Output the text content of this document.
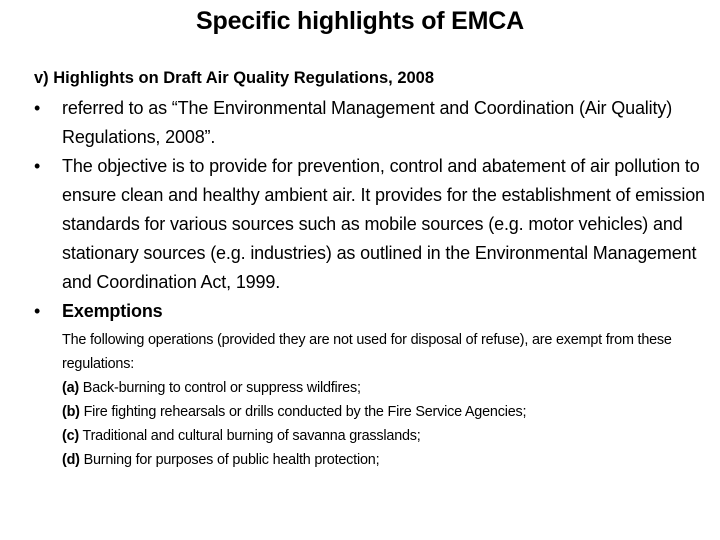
Specific highlights of EMCA
v) Highlights on Draft Air Quality Regulations, 2008
•	referred to as “The Environmental Management and Coordination (Air Quality) Regulations, 2008”.
•	The objective is to provide for prevention, control and abatement of air pollution to ensure clean and healthy ambient air. It provides for the establishment of emission standards for various sources such as mobile sources (e.g. motor vehicles) and stationary sources (e.g. industries) as outlined in the Environmental Management and Coordination Act, 1999.
•	Exemptions
The following operations (provided they are not used for disposal of refuse), are exempt from these regulations:
(a) Back-burning to control or suppress wildfires;
(b) Fire fighting rehearsals or drills conducted by the Fire Service Agencies;
(c) Traditional and cultural burning of savanna grasslands;
(d) Burning for purposes of public health protection;
